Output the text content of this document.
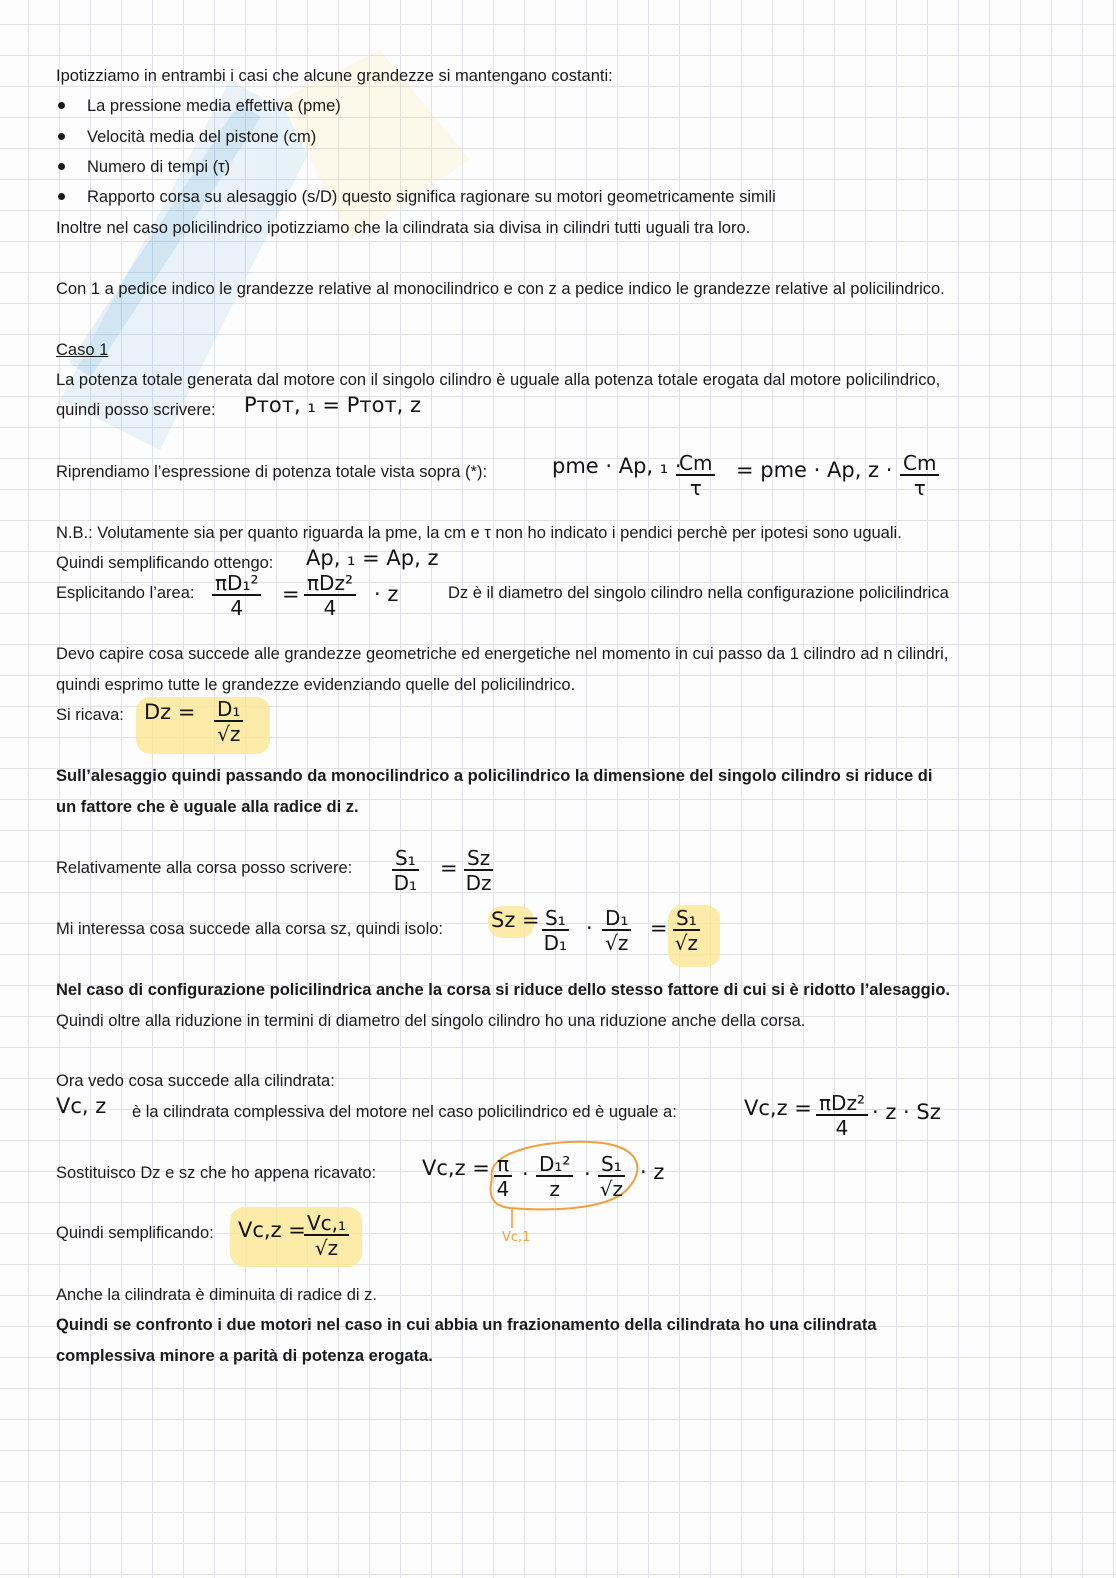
Ipotizziamo in entrambi i casi che alcune grandezze si mantengano costanti:
La pressione media effettiva (pme)
Velocità media del pistone (cm)
Numero di tempi (τ)
Rapporto corsa su alesaggio (s/D) questo significa ragionare su motori geometricamente simili
Inoltre nel caso policilindrico ipotizziamo che la cilindrata sia divisa in cilindri tutti uguali tra loro.
Con 1 a pedice indico le grandezze relative al monocilindrico e con z a pedice indico le grandezze relative al policilindrico.
Caso 1
La potenza totale generata dal motore con il singolo cilindro è uguale alla potenza totale erogata dal motore policilindrico,
quindi posso scrivere: Pᴛᴏᴛ, ₁ = Pᴛᴏᴛ, ᴢ
Riprendiamo l’espressione di potenza totale vista sopra (*):	pme · Ap, ₁ ·
$\frac{Cm}{\tau}$ = pme · Ap, ᴢ · $\frac{Cm}{\tau}$
N.B.: Volutamente sia per quanto riguarda la pme, la cm e τ non ho indicato i pendici perchè per ipotesi sono uguali.
Quindi semplificando ottengo: Ap, ₁ = Ap, ᴢ
Esplicitando l’area: $\frac{\text{πD₁²}}{4} = \pi Dz^2$
4
· z	Dz è il diametro del singolo cilindro nella configurazione policilindrica
Devo capire cosa succede alle grandezze geometriche ed energetiche nel momento in cui passo da 1 cilindro ad n cilindri,
quindi esprimo tutte le grandezze evidenziando quelle del policilindrico.
Si ricava: $Dz = \frac{\text{D₁}}{√z}$
Sull’alesaggio quindi passando da monocilindrico a policilindrico la dimensione del singolo cilindro si riduce di
un fattore che è uguale alla radice di z.
Relativamente alla corsa posso scrivere: $\frac{\text{S₁}}{\text{D₁}} = \frac{Sz}{Dz}$
Mi interessa cosa succede alla corsa sz, quindi isolo: $Sz = \frac{\text{S₁}}{\text{D₁}} \cdot \frac{\text{D₁}}{√z} = \frac{\text{S₁}}{√z}$
Nel caso di configurazione policilindrica anche la corsa si riduce dello stesso fattore di cui si è ridotto l’alesaggio.
Quindi oltre alla riduzione in termini di diametro del singolo cilindro ho una riduzione anche della corsa.
Ora vedo cosa succede alla cilindrata:
Vc, z è la cilindrata complessiva del motore nel caso policilindrico ed è uguale a:	Vc,z = πDz²
4
· z · Sz
Sostituisco Dz e sz che ho appena ricavato: $Vc,z = \frac{\pi}{4} \cdot \frac{\text{D₁²}}{z} \cdot \frac{\text{S₁}}{√z} \cdot z$
Vc,1
Quindi semplificando: Vc,z =
$\frac{\text{Vc,₁}}{√z}$
Anche la cilindrata è diminuita di radice di z.
Quindi se confronto i due motori nel caso in cui abbia un frazionamento della cilindrata ho una cilindrata
complessiva minore a parità di potenza erogata.
